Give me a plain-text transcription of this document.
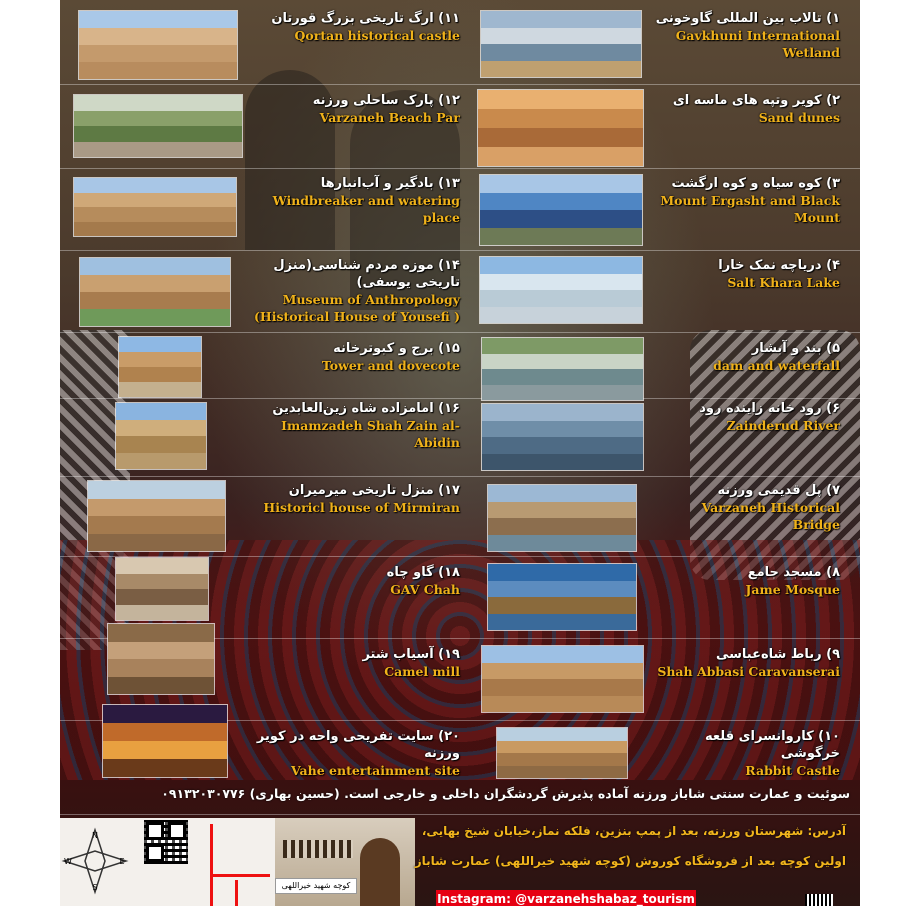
۱) تالاب بین المللی گاوخونی
Gavkhuni International Wetland
۲) کویر وتپه های ماسه ای
Sand dunes
۳) کوه سیاه و کوه ارگشت
Mount Ergasht and Black Mount
۴) دریاچه نمک خارا
Salt Khara Lake
۵) بند و آبشار
dam and waterfall
۶) رود خانه زاینده رود
Zainderud River
۷) پل قدیمی ورزنه
Varzaneh Historical Bridge
۸) مسجد جامع
Jame Mosque
۹) رباط شاه‌عباسی
Shah Abbasi Caravanserai
۱۰) کاروانسرای قلعه خرگوشی
Rabbit Castle
۱۱) ارگ تاریخی بزرگ قورتان
Qortan historical castle
۱۲) پارک ساحلی ورزنه
Varzaneh Beach Par
۱۳) بادگیر و آب‌انبارها
Windbreaker and watering place
۱۴) موزه مردم شناسی(منزل تاریخی یوسفی)
Museum of Anthropology (Historical House of Yousefi )
۱۵) برج و کبوترخانه
Tower and dovecote
۱۶) امامزاده شاه زین‌العابدین
Imamzadeh Shah Zain al-Abidin
۱۷) منزل تاریخی میرمیران
Historicl house of Mirmiran
۱۸) گاو چاه
GAV Chah
۱۹) آسیاب شتر
Camel mill
۲۰) سایت تفریحی واحه در کویر ورزنه
Vahe entertainment site
سوئیت و عمارت سنتی شاباز ورزنه آماده پذیرش گردشگران داخلی و خارجی است. (حسین بهاری) ۰۹۱۳۲۰۳۰۷۷۶
N
E
S
W
کوچه شهید خیراللهی
آدرس: شهرستان ورزنه، بعد از پمپ بنزین، فلکه نماز،خیابان شیخ بهایی،
اولین کوچه بعد از فروشگاه کوروش (کوچه شهید خیراللهی) عمارت شاباز
Instagram: @varzanehshabaz_tourism
